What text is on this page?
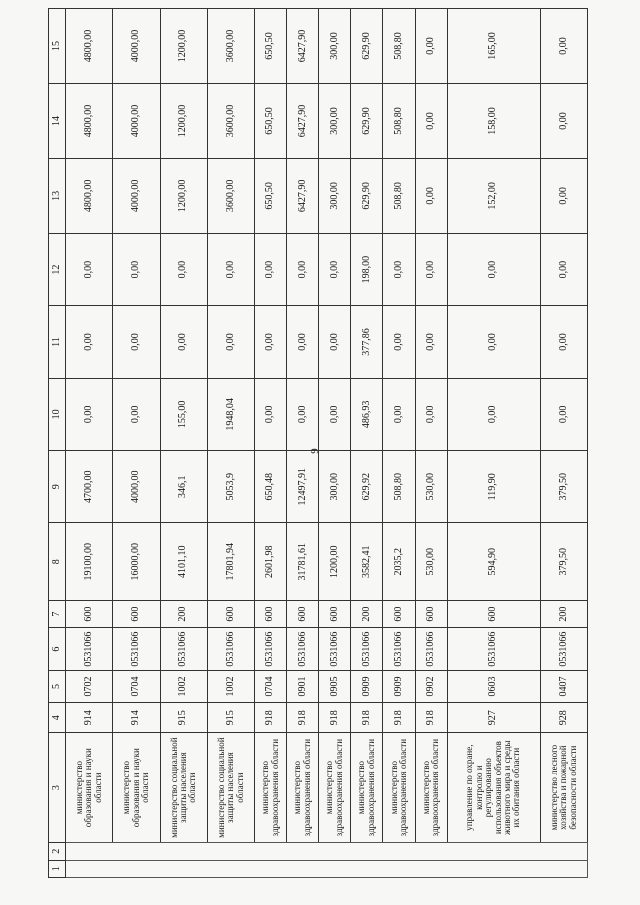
9
1	2	3	4	5	6	7	8	9	10	11	12	13	14	15
		министерство образования и науки области	914	0702	0531066	600	19100,00	4700,00	0,00	0,00	0,00	4800,00	4800,00	4800,00
		министерство образования и науки области	914	0704	0531066	600	16000,00	4000,00	0,00	0,00	0,00	4000,00	4000,00	4000,00
		министерство социальной защиты населения области	915	1002	0531066	200	4101,10	346,1	155,00	0,00	0,00	1200,00	1200,00	1200,00
		министерство социальной защиты населения области	915	1002	0531066	600	17801,94	5053,9	1948,04	0,00	0,00	3600,00	3600,00	3600,00
		министерство здравоохранения области	918	0704	0531066	600	2601,98	650,48	0,00	0,00	0,00	650,50	650,50	650,50
		министерство здравоохранения области	918	0901	0531066	600	31781,61	12497,91	0,00	0,00	0,00	6427,90	6427,90	6427,90
		министерство здравоохранения области	918	0905	0531066	600	1200,00	300,00	0,00	0,00	0,00	300,00	300,00	300,00
		министерство здравоохранения области	918	0909	0531066	200	3582,41	629,92	486,93	377,86	198,00	629,90	629,90	629,90
		министерство здравоохранения области	918	0909	0531066	600	2035,2	508,80	0,00	0,00	0,00	508,80	508,80	508,80
		министерство здравоохранения области	918	0902	0531066	600	530,00	530,00	0,00	0,00	0,00	0,00	0,00	0,00
		управление по охране, контролю и регулированию использования объектов животного мира и среды их обитания области	927	0603	0531066	600	594,90	119,90	0,00	0,00	0,00	152,00	158,00	165,00
		министерство лесного хозяйства и пожарной безопасности области	928	0407	0531066	200	379,50	379,50	0,00	0,00	0,00	0,00	0,00	0,00
